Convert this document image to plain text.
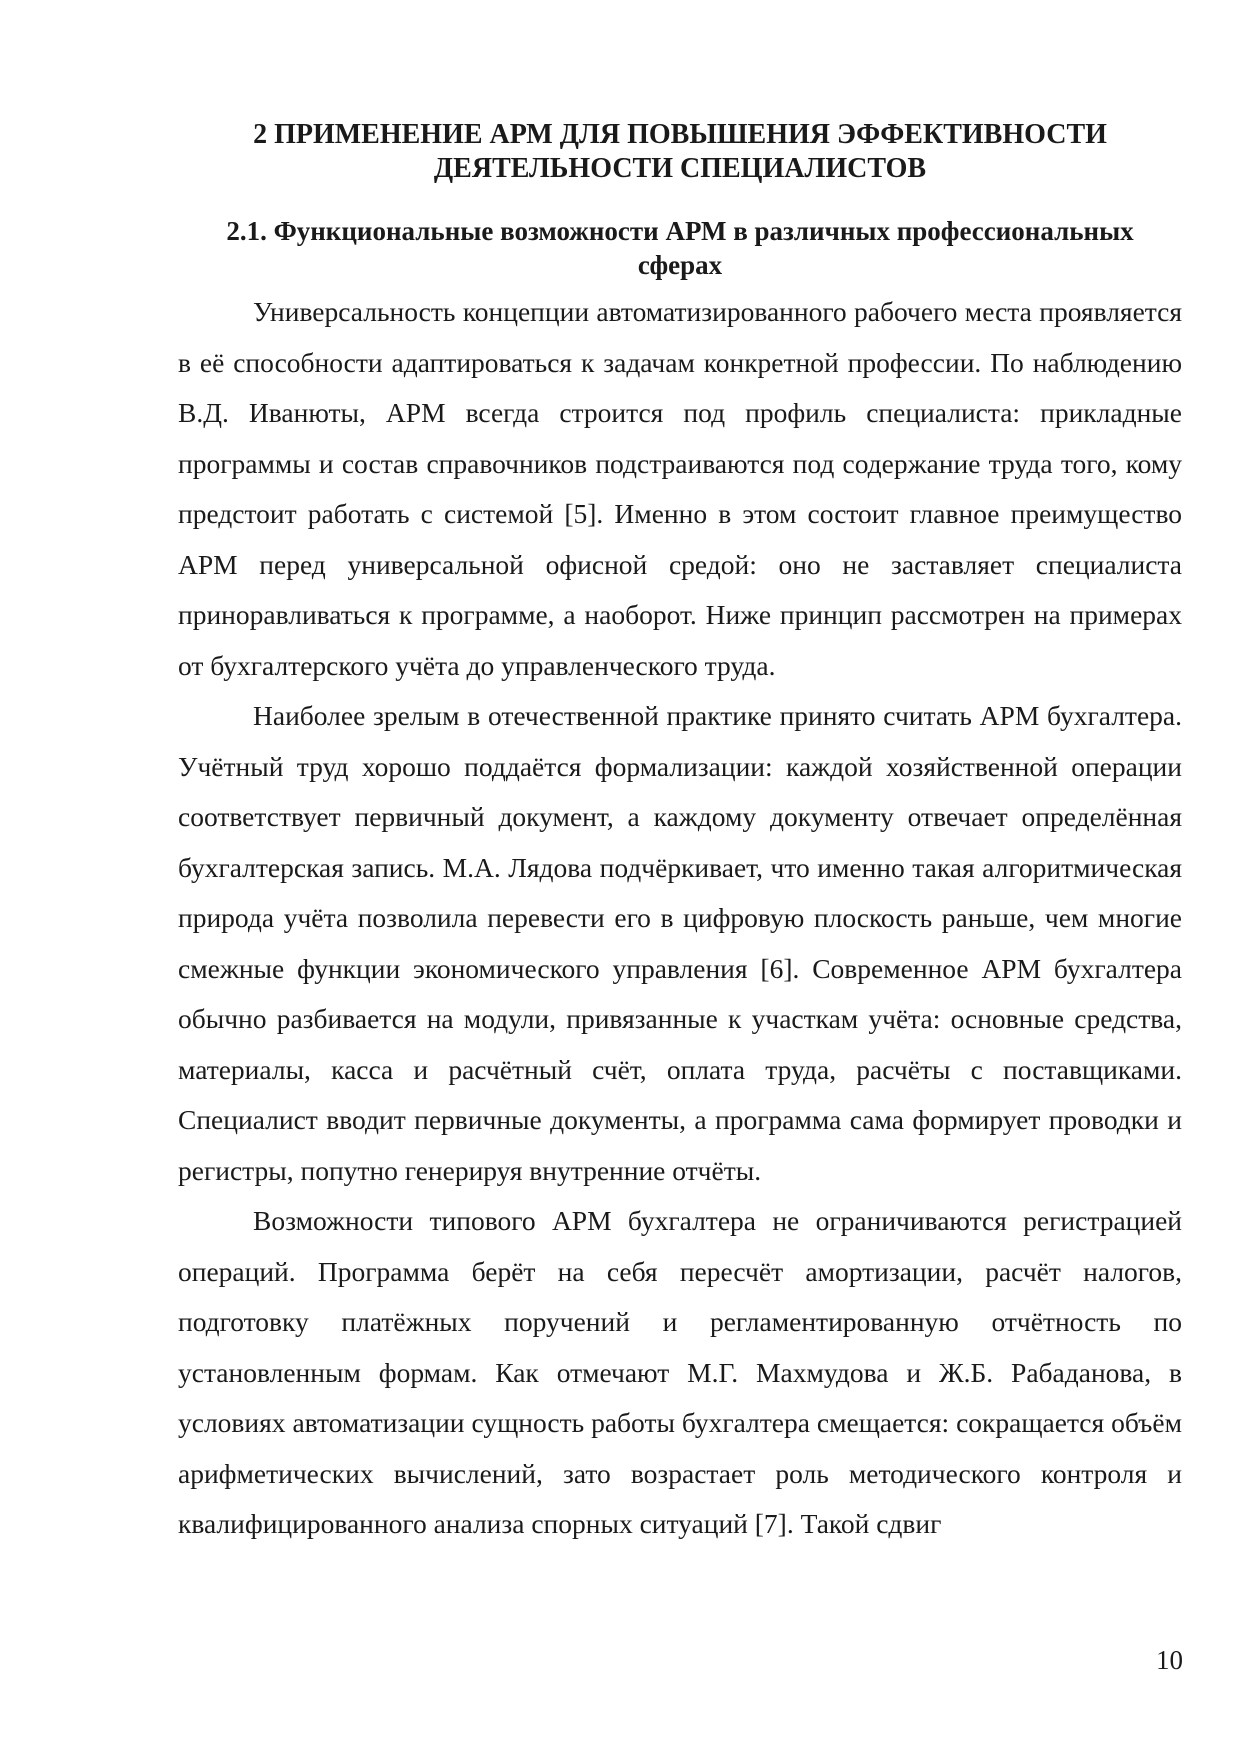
2 ПРИМЕНЕНИЕ АРМ ДЛЯ ПОВЫШЕНИЯ ЭФФЕКТИВНОСТИ
ДЕЯТЕЛЬНОСТИ СПЕЦИАЛИСТОВ
2.1. Функциональные возможности АРМ в различных профессиональных
сферах

Универсальность концепции автоматизированного рабочего места проявляется в её способности адаптироваться к задачам конкретной профессии. По наблюдению В.Д. Иванюты, АРМ всегда строится под профиль специалиста: прикладные программы и состав справочников подстраиваются под содержание труда того, кому предстоит работать с системой [5]. Именно в этом состоит главное преимущество АРМ перед универсальной офисной средой: оно не заставляет специалиста приноравливаться к программе, а наоборот. Ниже принцип рассмотрен на примерах от бухгалтерского учёта до управленческого труда.

Наиболее зрелым в отечественной практике принято считать АРМ бухгалтера. Учётный труд хорошо поддаётся формализации: каждой хозяйственной операции соответствует первичный документ, а каждому документу отвечает определённая бухгалтерская запись. М.А. Лядова подчёркивает, что именно такая алгоритмическая природа учёта позволила перевести его в цифровую плоскость раньше, чем многие смежные функции экономического управления [6]. Современное АРМ бухгалтера обычно разбивается на модули, привязанные к участкам учёта: основные средства, материалы, касса и расчётный счёт, оплата труда, расчёты с поставщиками. Специалист вводит первичные документы, а программа сама формирует проводки и регистры, попутно генерируя внутренние отчёты.

Возможности типового АРМ бухгалтера не ограничиваются регистрацией операций. Программа берёт на себя пересчёт амортизации, расчёт налогов, подготовку платёжных поручений и регламентированную отчётность по установленным формам. Как отмечают М.Г. Махмудова и Ж.Б. Рабаданова, в условиях автоматизации сущность работы бухгалтера смещается: сокращается объём арифметических вычислений, зато возрастает роль методического контроля и квалифицированного анализа спорных ситуаций [7]. Такой сдвиг

10
